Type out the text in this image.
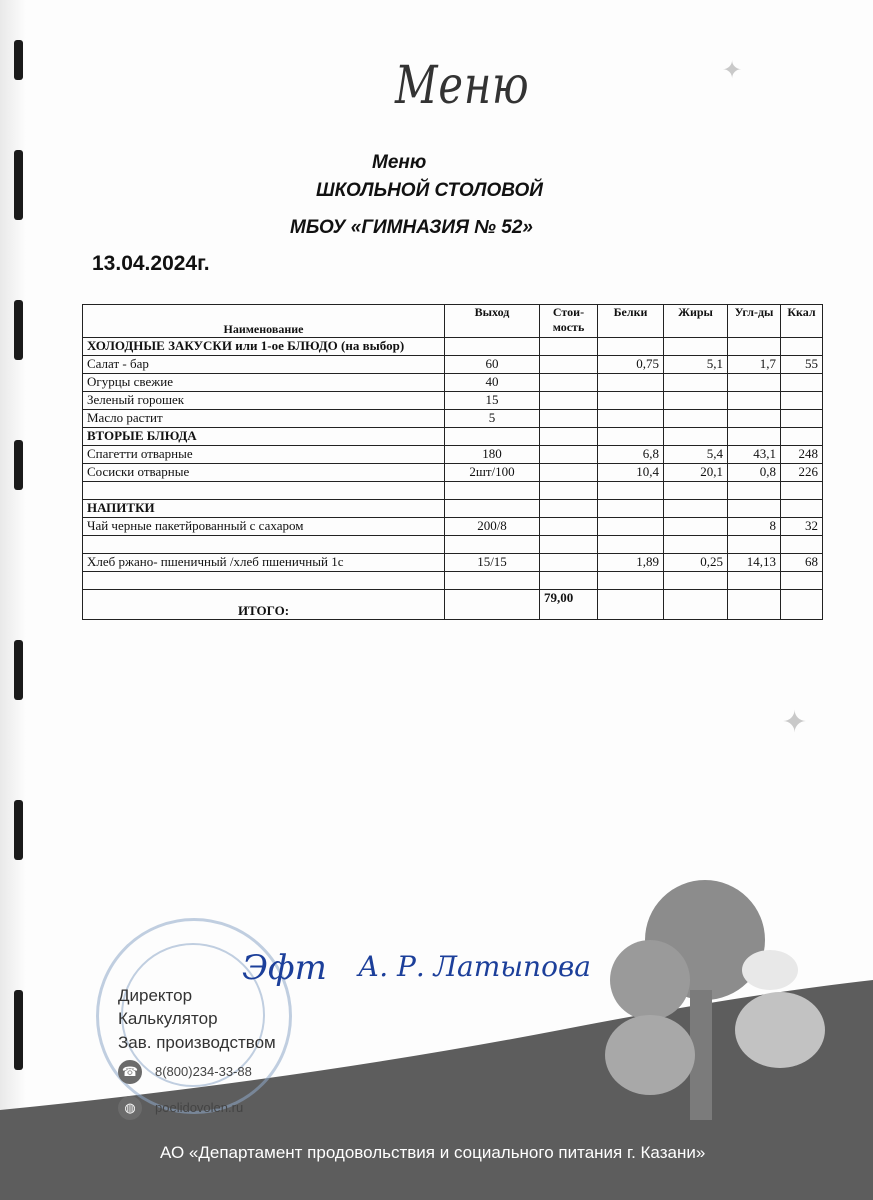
✦
✦
Меню
Меню
ШКОЛЬНОЙ СТОЛОВОЙ
МБОУ «ГИМНАЗИЯ № 52»
13.04.2024г.
Наименование	Выход	Стои-мость	Белки	Жиры	Угл-ды	Ккал
ХОЛОДНЫЕ ЗАКУСКИ или 1-ое БЛЮДО (на выбор)						
Салат - бар	60		0,75	5,1	1,7	55
Огурцы свежие	40					
Зеленый горошек	15					
Масло растит	5					
ВТОРЫЕ БЛЮДА						
Спагетти отварные	180		6,8	5,4	43,1	248
Сосиски отварные	2шт/100		10,4	20,1	0,8	226

НАПИТКИ						
Чай черные пакетйрованный с сахаром	200/8				8	32

Хлеб ржано- пшеничный /хлеб пшеничный 1с	15/15		1,89	0,25	14,13	68

ИТОГО:		79,00				
Эфт А. Р. Латыпова
Директор
Калькулятор
Зав. производством
☎	8(800)234-33-88
◍	poelidovolen.ru
АО «Департамент продовольствия и социального питания г. Казани»
